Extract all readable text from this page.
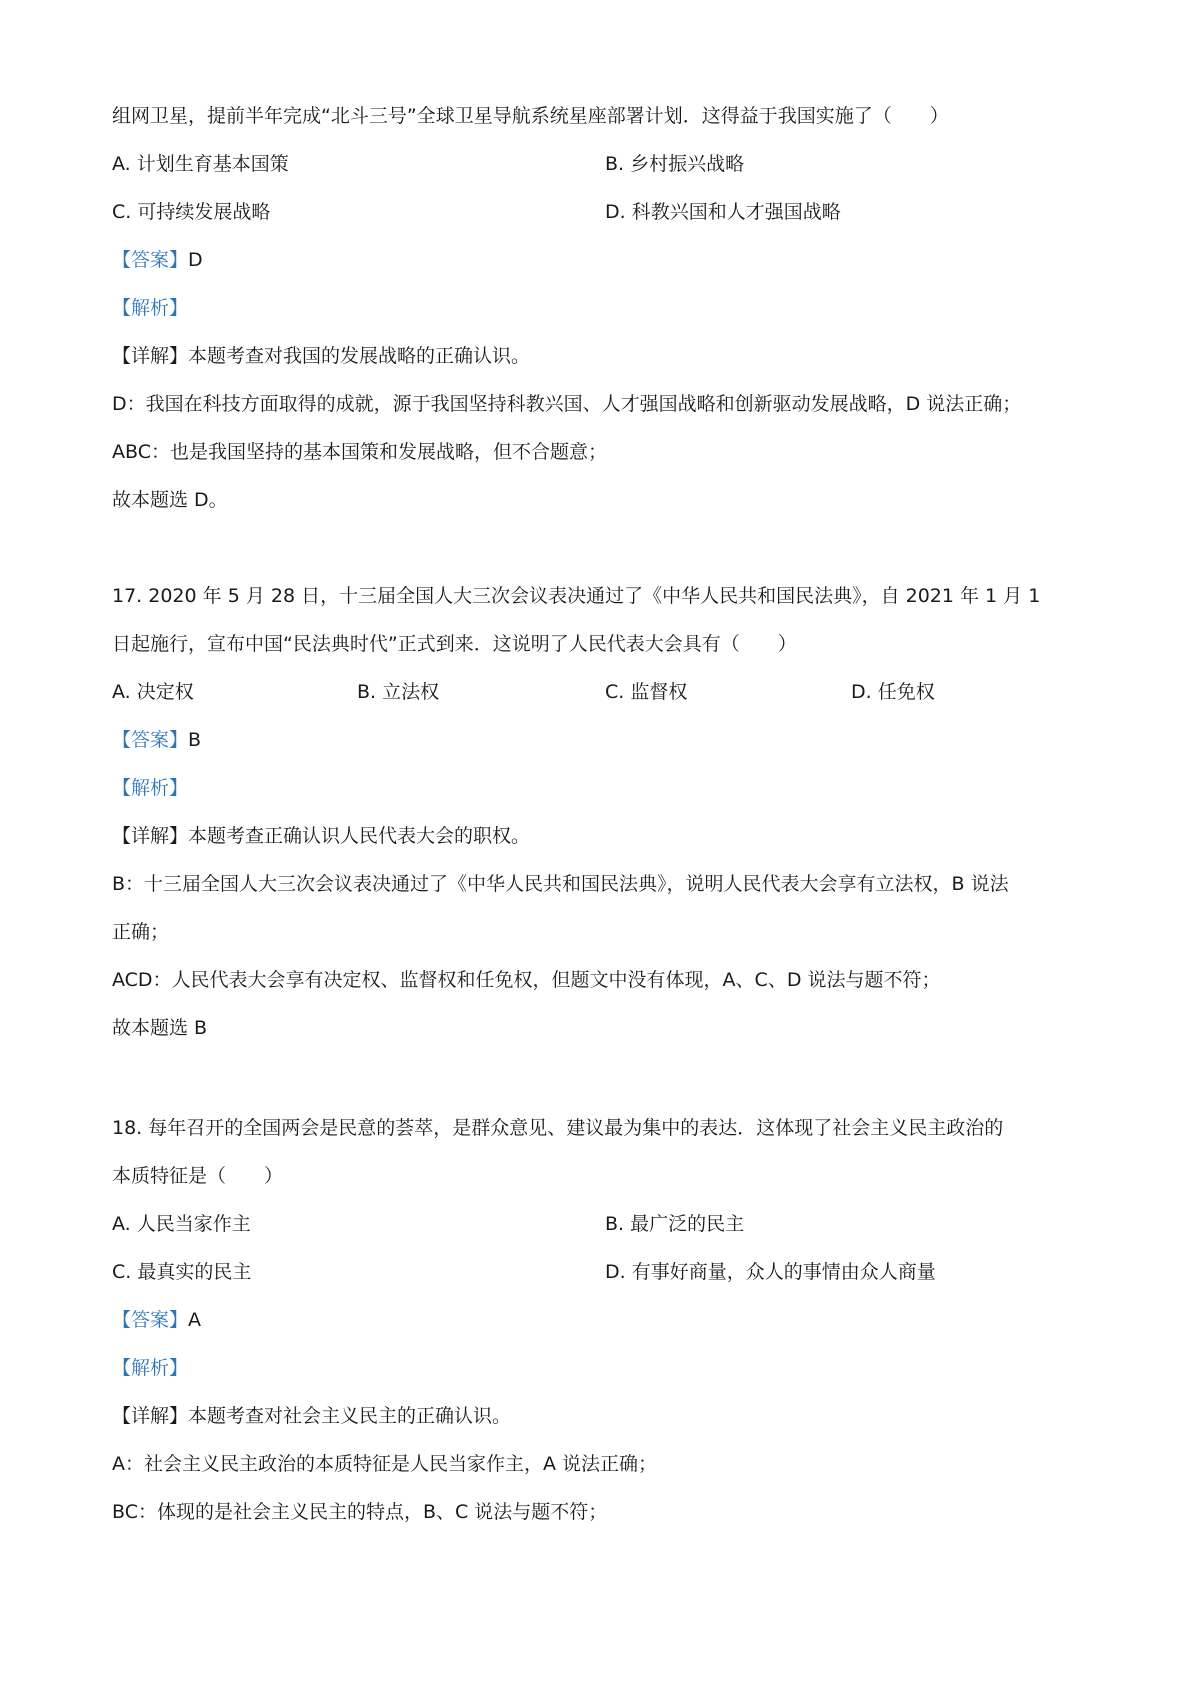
组网卫星，提前半年完成“北斗三号”全球卫星导航系统星座部署计划．这得益于我国实施了（　　）
A. 计划生育基本国策	B. 乡村振兴战略
C. 可持续发展战略	D. 科教兴国和人才强国战略
【答案】D
【解析】
【详解】本题考查对我国的发展战略的正确认识。
D：我国在科技方面取得的成就，源于我国坚持科教兴国、人才强国战略和创新驱动发展战略，D 说法正确；
ABC：也是我国坚持的基本国策和发展战略，但不合题意；
故本题选 D。
17. 2020 年 5 月 28 日，十三届全国人大三次会议表决通过了《中华人民共和国民法典》，自 2021 年 1 月 1
日起施行，宣布中国“民法典时代”正式到来．这说明了人民代表大会具有（　　）
A. 决定权	B. 立法权	C. 监督权	D. 任免权
【答案】B
【解析】
【详解】本题考查正确认识人民代表大会的职权。
B：十三届全国人大三次会议表决通过了《中华人民共和国民法典》，说明人民代表大会享有立法权，B 说法
正确；
ACD：人民代表大会享有决定权、监督权和任免权，但题文中没有体现，A、C、D 说法与题不符；
故本题选 B
18. 每年召开的全国两会是民意的荟萃，是群众意见、建议最为集中的表达．这体现了社会主义民主政治的
本质特征是（　　）
A. 人民当家作主	B. 最广泛的民主
C. 最真实的民主	D. 有事好商量，众人的事情由众人商量
【答案】A
【解析】
【详解】本题考查对社会主义民主的正确认识。
A：社会主义民主政治的本质特征是人民当家作主，A 说法正确；
BC：体现的是社会主义民主的特点，B、C 说法与题不符；
